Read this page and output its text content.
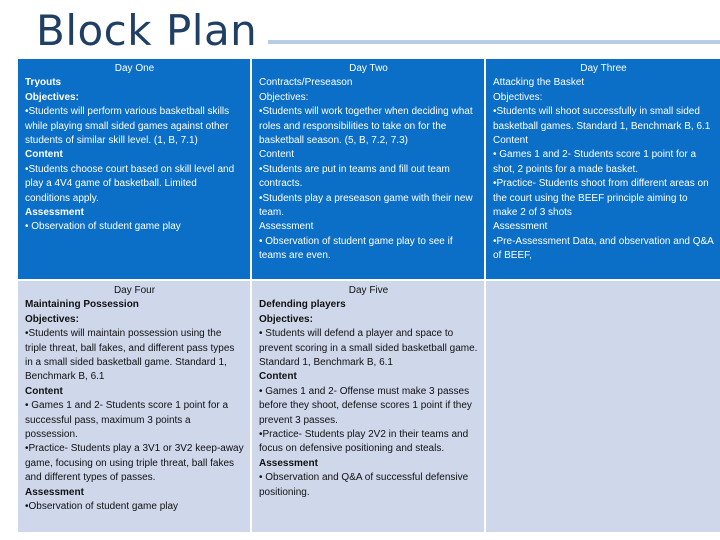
Block Plan
Day One
Tryouts
Objectives:
•Students will perform various basketball skills while playing small sided games against other students of similar skill level. (1, B, 7.1)
Content
•Students choose court based on skill level and play a 4V4 game of basketball. Limited conditions apply.
Assessment
• Observation of student game play
Day Two
Contracts/Preseason
Objectives:
•Students will work together when deciding what roles and responsibilities to take on for the basketball season. (5, B, 7.2, 7.3)
Content
•Students are put in teams and fill out team contracts.
•Students play a preseason game with their new team.
Assessment
• Observation of student game play to see if teams are even.
Day Three
Attacking the Basket
Objectives:
•Students will shoot successfully in small sided basketball games. Standard 1, Benchmark B, 6.1
Content
• Games 1 and 2- Students score 1 point for a shot, 2 points for a made basket.
•Practice- Students shoot from different areas on the court using the BEEF principle aiming to make 2 of 3 shots
Assessment
•Pre-Assessment Data, and observation and Q&A of BEEF,
Day Four
Maintaining Possession
Objectives:
•Students will maintain possession using the triple threat, ball fakes, and different pass types in a small sided basketball game. Standard 1, Benchmark B, 6.1
Content
• Games 1 and 2- Students score 1 point for a successful pass, maximum 3 points a possession.
•Practice- Students play a 3V1 or 3V2 keep-away game, focusing on using triple threat, ball fakes and different types of passes.
Assessment
•Observation of student game play
Day Five
Defending players
Objectives:
• Students will defend a player and space to prevent scoring in a small sided basketball game. Standard 1, Benchmark B, 6.1
Content
• Games 1 and 2- Offense must make 3 passes before they shoot, defense scores 1 point if they prevent 3 passes.
•Practice- Students play 2V2 in their teams and focus on defensive positioning and steals.
Assessment
• Observation and Q&A of successful defensive positioning.
